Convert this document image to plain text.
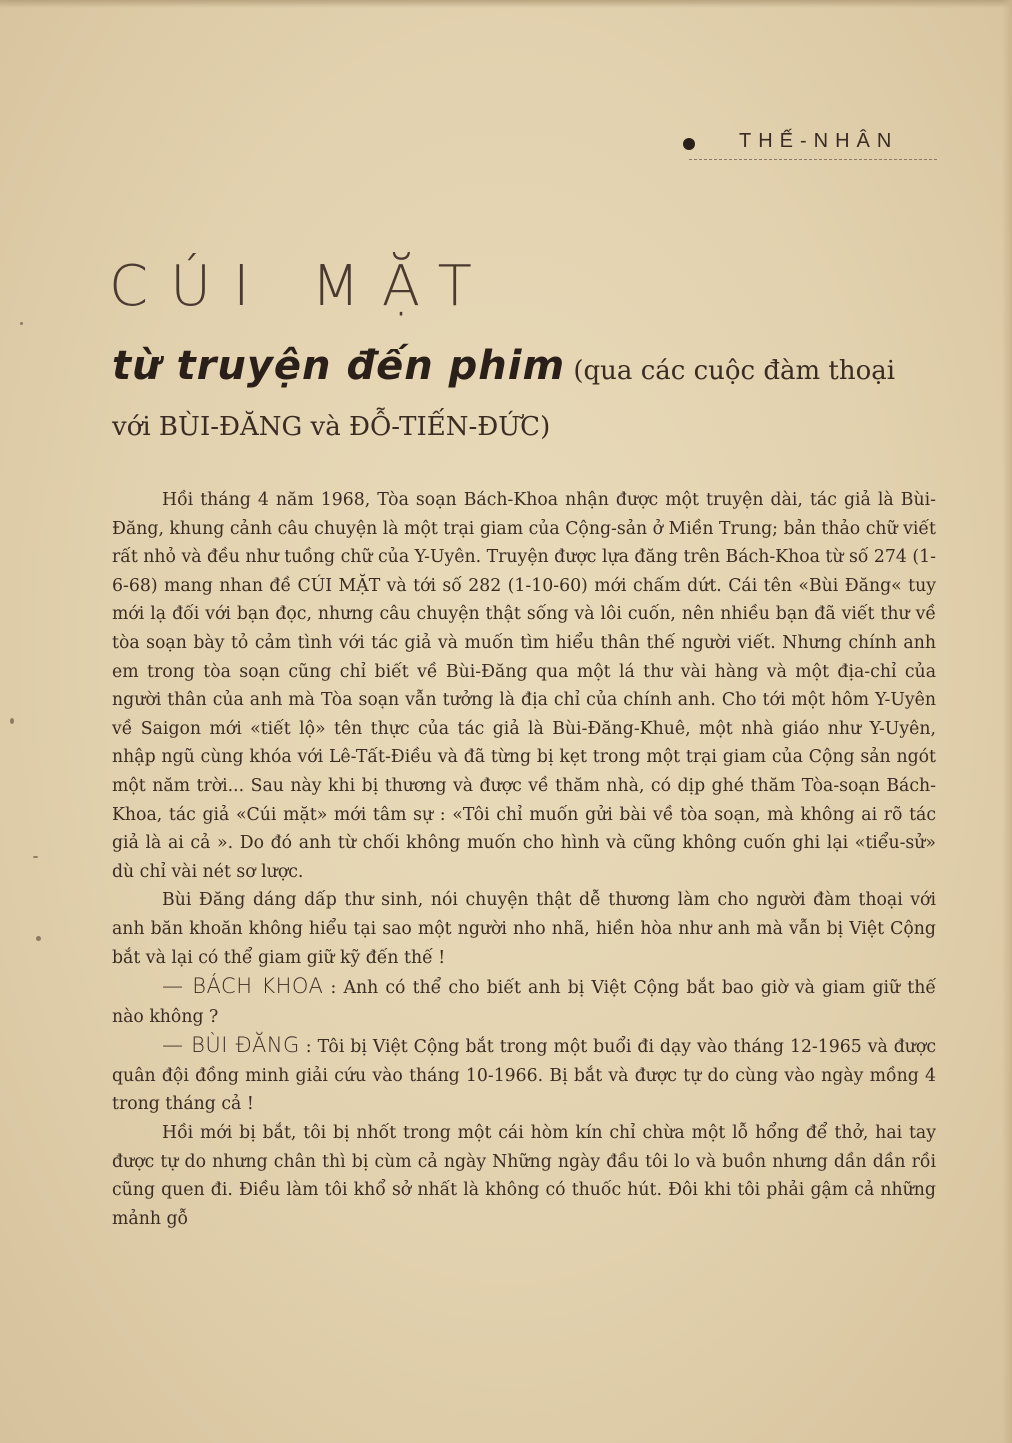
THẾ-NHÂN
CÚI MẶT
từ truyện đến phim (qua các cuộc đàm thoại với BÙI-ĐĂNG và ĐỖ-TIẾN-ĐỨC)

Hồi tháng 4 năm 1968, Tòa soạn Bách-Khoa nhận được một truyện dài, tác giả là Bùi-Đăng, khung cảnh câu chuyện là một trại giam của Cộng-sản ở Miền Trung; bản thảo chữ viết rất nhỏ và đều như tuồng chữ của Y-Uyên. Truyện được lựa đăng trên Bách-Khoa từ số 274 (1-6-68) mang nhan đề CÚI MẶT và tới số 282 (1-10-60) mới chấm dứt. Cái tên «Bùi Đăng« tuy mới lạ đối với bạn đọc, nhưng câu chuyện thật sống và lôi cuốn, nên nhiều bạn đã viết thư về tòa soạn bày tỏ cảm tình với tác giả và muốn tìm hiểu thân thế người viết. Nhưng chính anh em trong tòa soạn cũng chỉ biết về Bùi-Đăng qua một lá thư vài hàng và một địa-chỉ của người thân của anh mà Tòa soạn vẫn tưởng là địa chỉ của chính anh. Cho tới một hôm Y-Uyên về Saigon mới «tiết lộ» tên thực của tác giả là Bùi-Đăng-Khuê, một nhà giáo như Y-Uyên, nhập ngũ cùng khóa với Lê-Tất-Điều và đã từng bị kẹt trong một trại giam của Cộng sản ngót một năm trời... Sau này khi bị thương và được về thăm nhà, có dịp ghé thăm Tòa-soạn Bách-Khoa, tác giả «Cúi mặt» mới tâm sự : «Tôi chỉ muốn gửi bài về tòa soạn, mà không ai rõ tác giả là ai cả ». Do đó anh từ chối không muốn cho hình và cũng không cuốn ghi lại «tiểu-sử» dù chỉ vài nét sơ lược.

Bùi Đăng dáng dấp thư sinh, nói chuyện thật dễ thương làm cho người đàm thoại với anh băn khoăn không hiểu tại sao một người nho nhã, hiền hòa như anh mà vẫn bị Việt Cộng bắt và lại có thể giam giữ kỹ đến thế !

— BÁCH KHOA : Anh có thể cho biết anh bị Việt Cộng bắt bao giờ và giam giữ thế nào không ?

— BÙI ĐĂNG : Tôi bị Việt Cộng bắt trong một buổi đi dạy vào tháng 12-1965 và được quân đội đồng minh giải cứu vào tháng 10-1966. Bị bắt và được tự do cùng vào ngày mồng 4 trong tháng cả !

Hồi mới bị bắt, tôi bị nhốt trong một cái hòm kín chỉ chừa một lỗ hổng để thở, hai tay được tự do nhưng chân thì bị cùm cả ngày Những ngày đầu tôi lo và buồn nhưng dần dần rồi cũng quen đi. Điều làm tôi khổ sở nhất là không có thuốc hút. Đôi khi tôi phải gậm cả những mảnh gỗ
